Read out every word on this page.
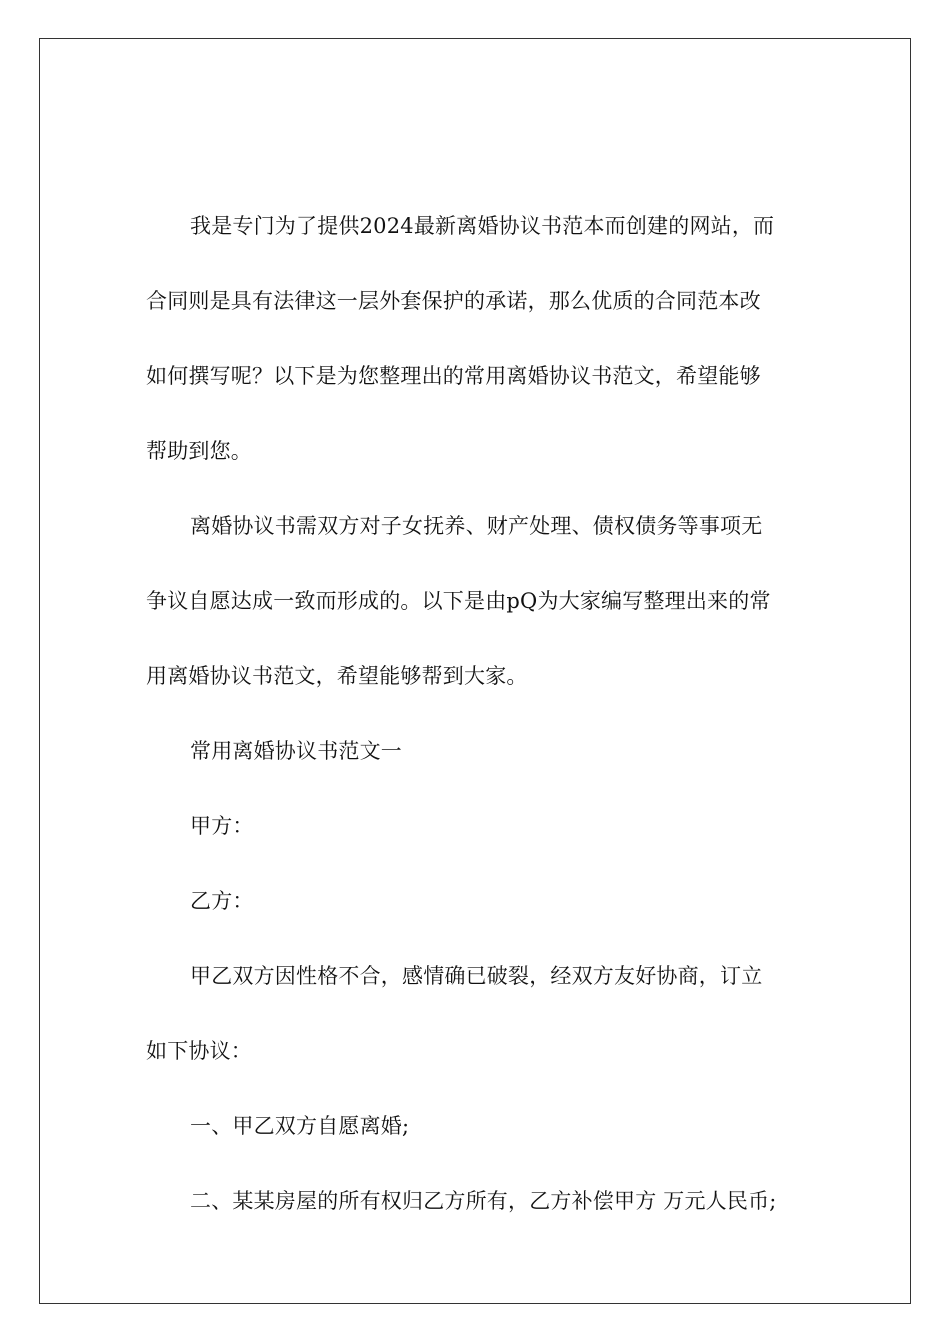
我是专门为了提供2024最新离婚协议书范本而创建的网站，而
合同则是具有法律这一层外套保护的承诺，那么优质的合同范本改
如何撰写呢？以下是为您整理出的常用离婚协议书范文，希望能够
帮助到您。
离婚协议书需双方对子女抚养、财产处理、债权债务等事项无
争议自愿达成一致而形成的。以下是由pQ为大家编写整理出来的常
用离婚协议书范文，希望能够帮到大家。
常用离婚协议书范文一
甲方：
乙方：
甲乙双方因性格不合，感情确已破裂，经双方友好协商，订立
如下协议：
一、甲乙双方自愿离婚;
二、某某房屋的所有权归乙方所有，乙方补偿甲方 万元人民币;
